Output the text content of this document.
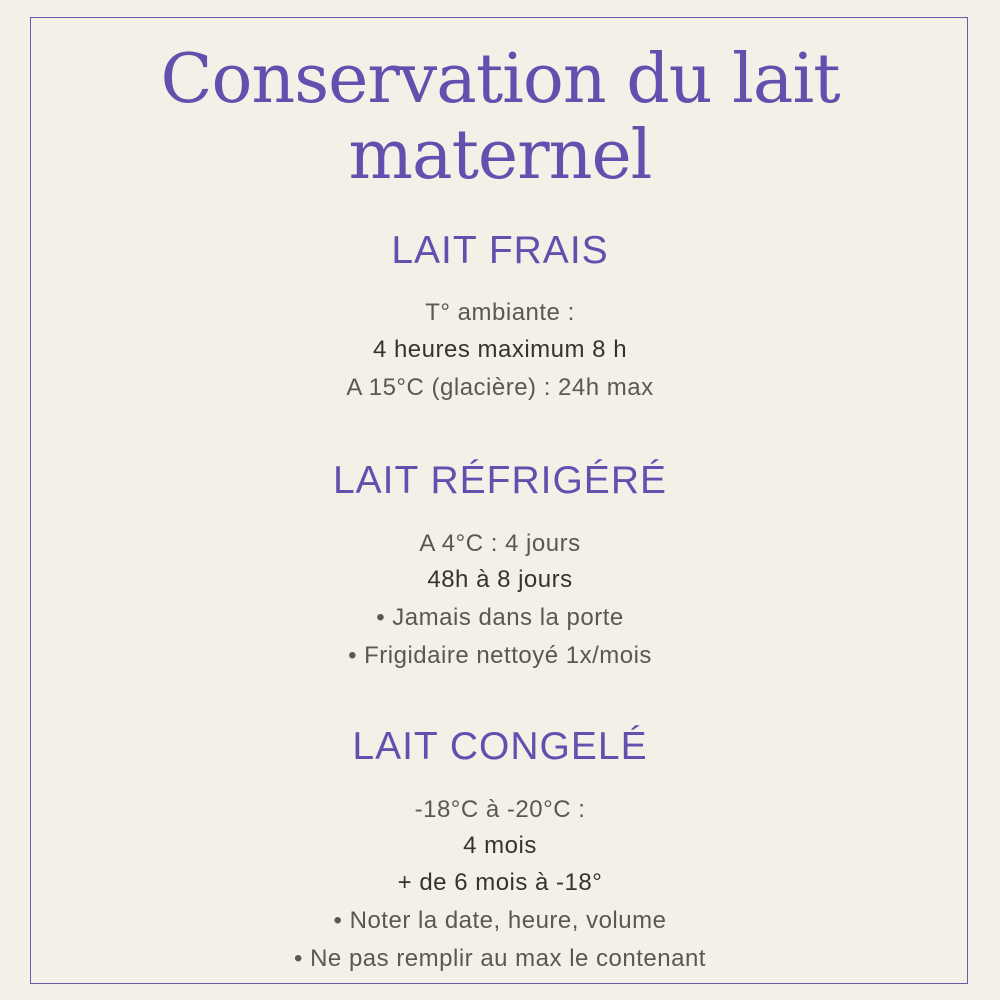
Conservation du lait maternel
LAIT FRAIS

T° ambiante :

4 heures maximum 8 h

A 15°C (glacière) : 24h max

LAIT RÉFRIGÉRÉ

A 4°C : 4 jours

48h à 8 jours

• Jamais dans la porte

• Frigidaire nettoyé 1x/mois

LAIT CONGELÉ

-18°C à -20°C :

4 mois

+ de 6 mois à -18°

• Noter la date, heure, volume

• Ne pas remplir au max le contenant
